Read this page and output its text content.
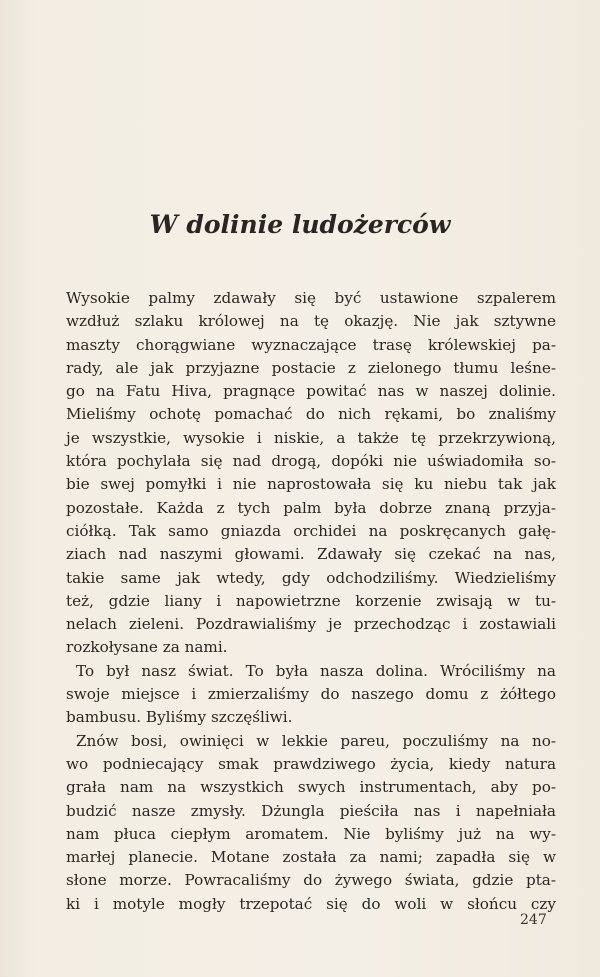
W dolinie ludożerców

Wysokie palmy zdawały się być ustawione szpalerem
wzdłuż szlaku królowej na tę okazję. Nie jak sztywne
maszty chorągwiane wyznaczające trasę królewskiej pa-
rady, ale jak przyjazne postacie z zielonego tłumu leśne-
go na Fatu Hiva, pragnące powitać nas w naszej dolinie.
Mieliśmy ochotę pomachać do nich rękami, bo znaliśmy
je wszystkie, wysokie i niskie, a także tę przekrzywioną,
która pochylała się nad drogą, dopóki nie uświadomiła so-
bie swej pomyłki i nie naprostowała się ku niebu tak jak
pozostałe. Każda z tych palm była dobrze znaną przyja-
ciółką. Tak samo gniazda orchidei na poskręcanych gałę-
ziach nad naszymi głowami. Zdawały się czekać na nas,
takie same jak wtedy, gdy odchodziliśmy. Wiedzieliśmy
też, gdzie liany i napowietrzne korzenie zwisają w tu-
nelach zieleni. Pozdrawialiśmy je przechodząc i zostawiali
rozkołysane za nami.

To był nasz świat. To była nasza dolina. Wróciliśmy na
swoje miejsce i zmierzaliśmy do naszego domu z żółtego
bambusu. Byliśmy szczęśliwi.

Znów bosi, owinięci w lekkie pareu, poczuliśmy na no-
wo podniecający smak prawdziwego życia, kiedy natura
grała nam na wszystkich swych instrumentach, aby po-
budzić nasze zmysły. Dżungla pieściła nas i napełniała
nam płuca ciepłym aromatem. Nie byliśmy już na wy-
marłej planecie. Motane została za nami; zapadła się w
słone morze. Powracaliśmy do żywego świata, gdzie pta-
ki i motyle mogły trzepotać się do woli w słońcu czy

247
